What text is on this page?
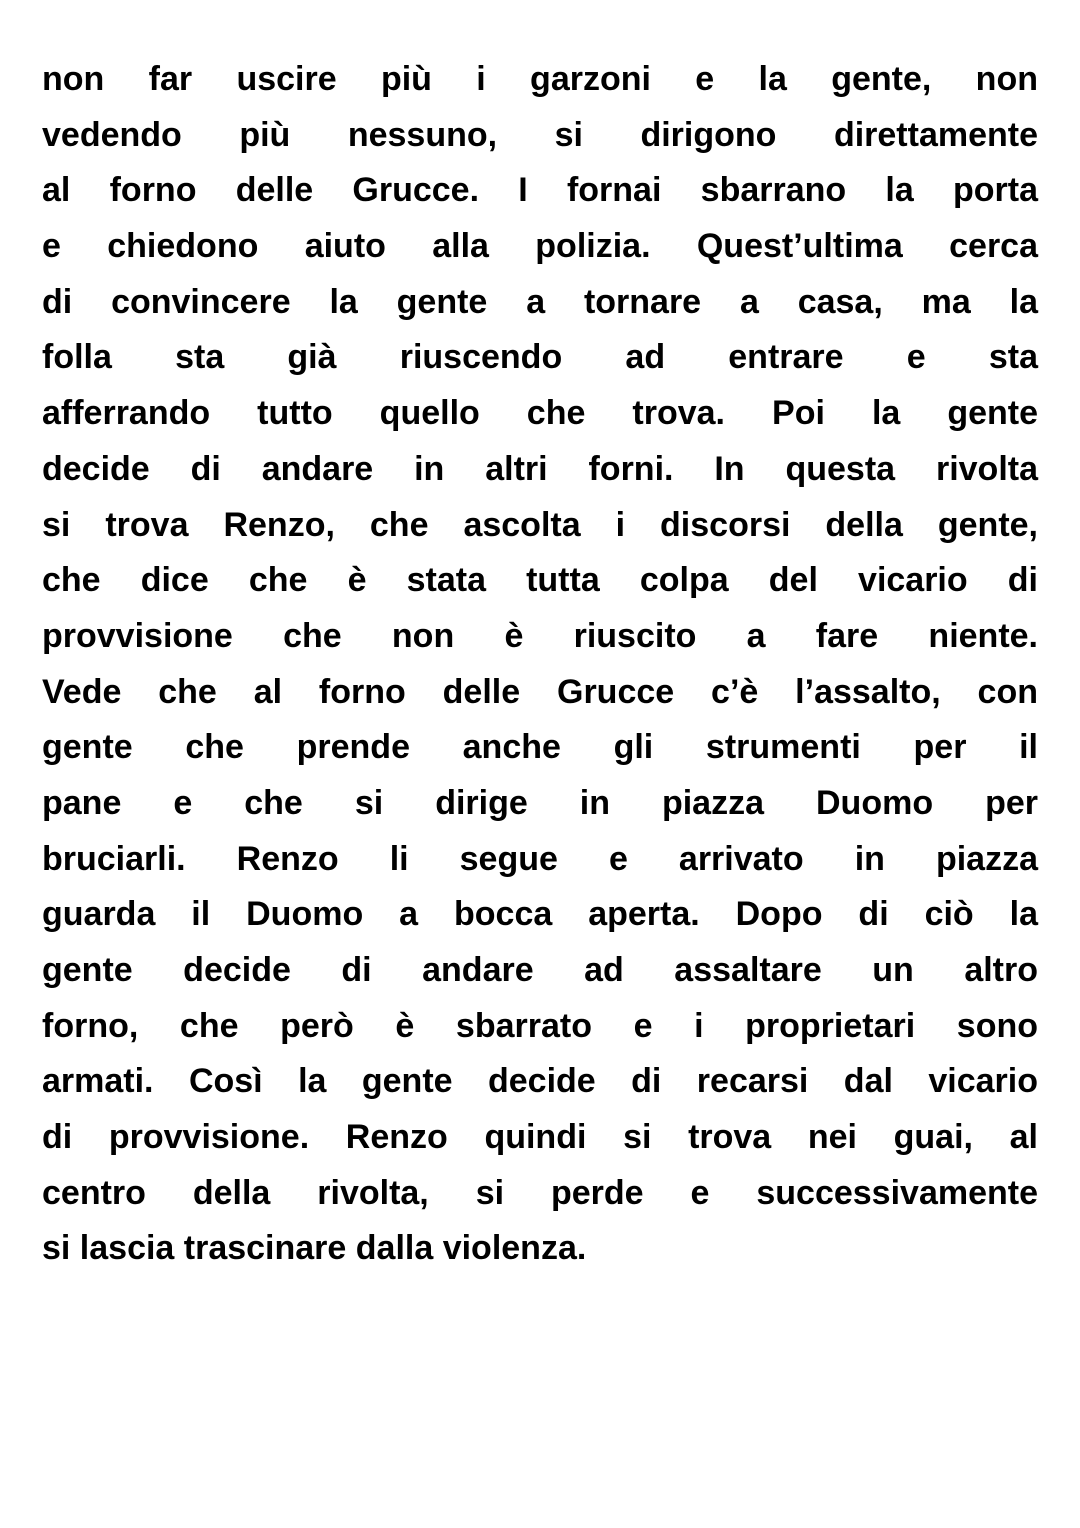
non far uscire più i garzoni e la gente, non
vedendo più nessuno, si dirigono direttamente
al forno delle Grucce. I fornai sbarrano la porta
e chiedono aiuto alla polizia. Quest’ultima cerca
di convincere la gente a tornare a casa, ma la
folla sta già riuscendo ad entrare e sta
afferrando tutto quello che trova. Poi la gente
decide di andare in altri forni. In questa rivolta
si trova Renzo, che ascolta i discorsi della gente,
che dice che è stata tutta colpa del vicario di
provvisione che non è riuscito a fare niente.
Vede che al forno delle Grucce c’è l’assalto, con
gente che prende anche gli strumenti per il
pane e che si dirige in piazza Duomo per
bruciarli. Renzo li segue e arrivato in piazza
guarda il Duomo a bocca aperta. Dopo di ciò la
gente decide di andare ad assaltare un altro
forno, che però è sbarrato e i proprietari sono
armati. Così la gente decide di recarsi dal vicario
di provvisione. Renzo quindi si trova nei guai, al
centro della rivolta, si perde e successivamente
si lascia trascinare dalla violenza.
